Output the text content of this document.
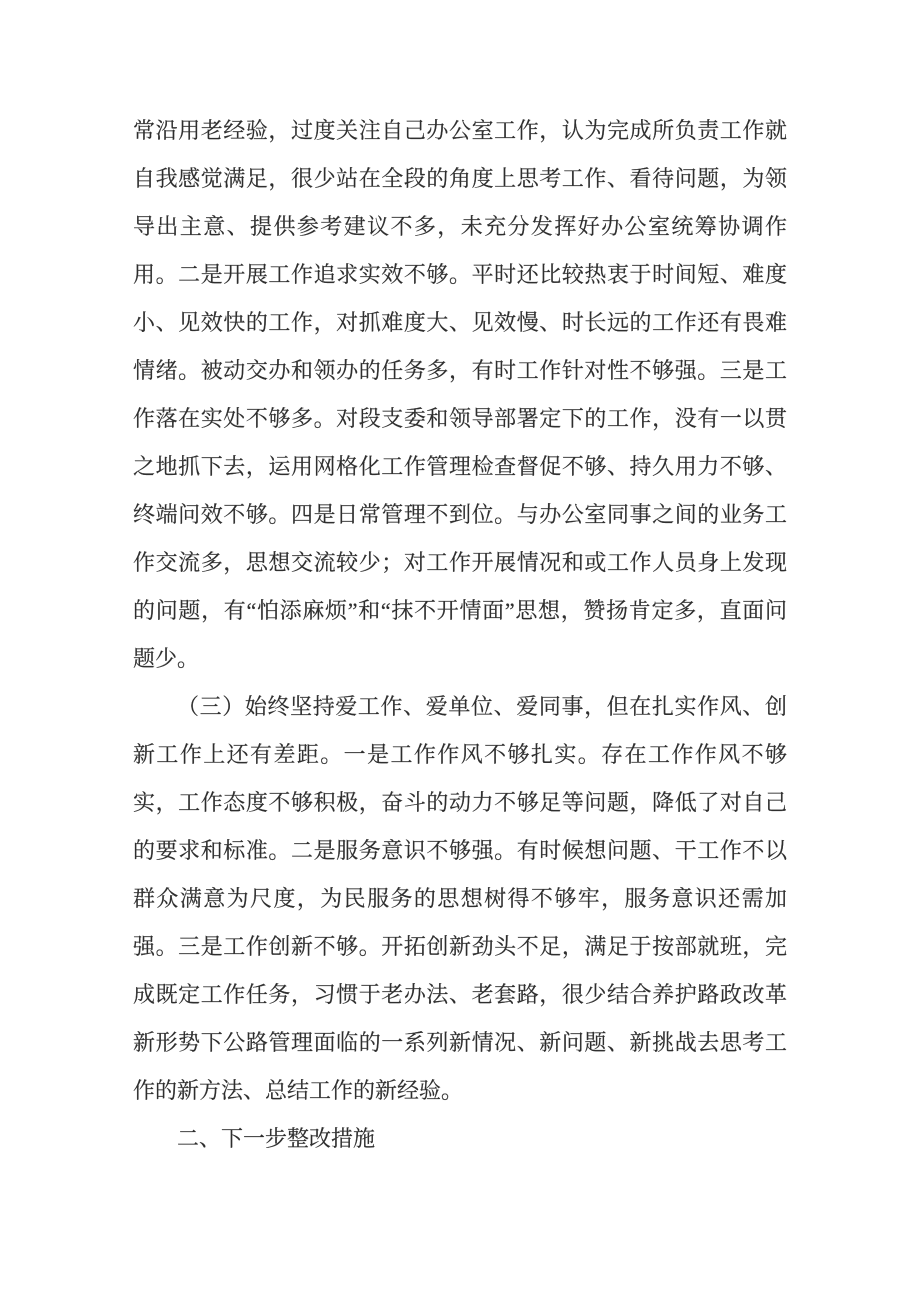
常沿用老经验，过度关注自己办公室工作，认为完成所负责工作就自我感觉满足，很少站在全段的角度上思考工作、看待问题，为领导出主意、提供参考建议不多，未充分发挥好办公室统筹协调作用。二是开展工作追求实效不够。平时还比较热衷于时间短、难度小、见效快的工作，对抓难度大、见效慢、时长远的工作还有畏难情绪。被动交办和领办的任务多，有时工作针对性不够强。三是工作落在实处不够多。对段支委和领导部署定下的工作，没有一以贯之地抓下去，运用网格化工作管理检查督促不够、持久用力不够、终端问效不够。四是日常管理不到位。与办公室同事之间的业务工作交流多，思想交流较少；对工作开展情况和或工作人员身上发现的问题，有“怕添麻烦”和“抹不开情面”思想，赞扬肯定多，直面问题少。

（三）始终坚持爱工作、爱单位、爱同事，但在扎实作风、创新工作上还有差距。一是工作作风不够扎实。存在工作作风不够实，工作态度不够积极，奋斗的动力不够足等问题，降低了对自己的要求和标准。二是服务意识不够强。有时候想问题、干工作不以群众满意为尺度，为民服务的思想树得不够牢，服务意识还需加强。三是工作创新不够。开拓创新劲头不足，满足于按部就班，完成既定工作任务，习惯于老办法、老套路，很少结合养护路政改革新形势下公路管理面临的一系列新情况、新问题、新挑战去思考工作的新方法、总结工作的新经验。

二、下一步整改措施
